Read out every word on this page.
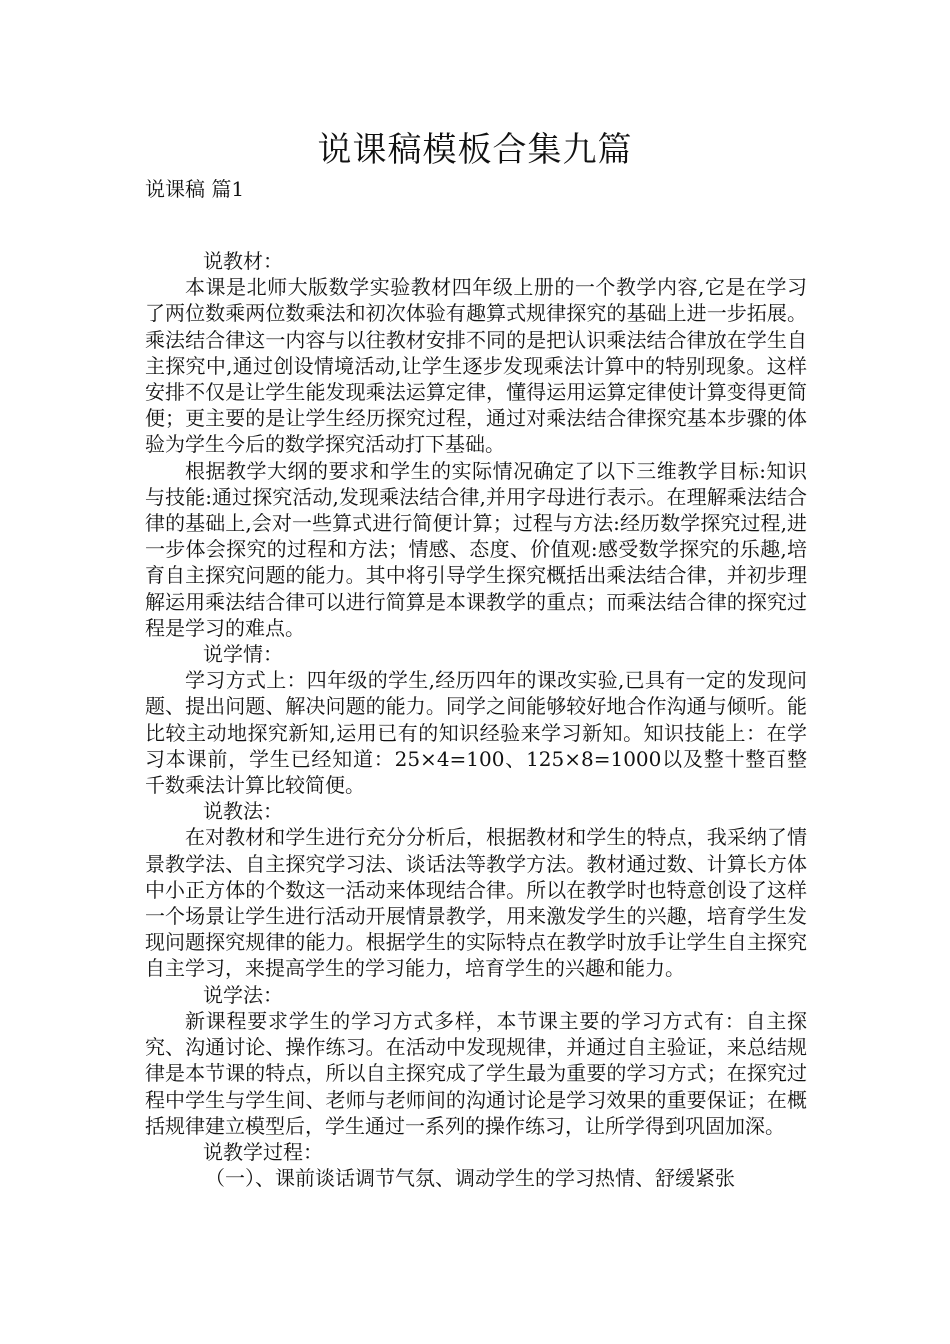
说课稿模板合集九篇
说课稿 篇1

说教材：

本课是北师大版数学实验教材四年级上册的一个教学内容,它是在学习了两位数乘两位数乘法和初次体验有趣算式规律探究的基础上进一步拓展。乘法结合律这一内容与以往教材安排不同的是把认识乘法结合律放在学生自主探究中,通过创设情境活动,让学生逐步发现乘法计算中的特别现象。这样安排不仅是让学生能发现乘法运算定律，懂得运用运算定律使计算变得更简便；更主要的是让学生经历探究过程，通过对乘法结合律探究基本步骤的体验为学生今后的数学探究活动打下基础。

根据教学大纲的要求和学生的实际情况确定了以下三维教学目标:知识与技能:通过探究活动,发现乘法结合律,并用字母进行表示。在理解乘法结合律的基础上,会对一些算式进行简便计算；过程与方法:经历数学探究过程,进一步体会探究的过程和方法；情感、态度、价值观:感受数学探究的乐趣,培育自主探究问题的能力。其中将引导学生探究概括出乘法结合律，并初步理解运用乘法结合律可以进行简算是本课教学的重点；而乘法结合律的探究过程是学习的难点。

说学情：

学习方式上：四年级的学生,经历四年的课改实验,已具有一定的发现问题、提出问题、解决问题的能力。同学之间能够较好地合作沟通与倾听。能比较主动地探究新知,运用已有的知识经验来学习新知。知识技能上：在学习本课前，学生已经知道：25×4=100、125×8=1000以及整十整百整千数乘法计算比较简便。

说教法：

在对教材和学生进行充分分析后，根据教材和学生的特点，我采纳了情景教学法、自主探究学习法、谈话法等教学方法。教材通过数、计算长方体中小正方体的个数这一活动来体现结合律。所以在教学时也特意创设了这样一个场景让学生进行活动开展情景教学，用来激发学生的兴趣，培育学生发现问题探究规律的能力。根据学生的实际特点在教学时放手让学生自主探究自主学习，来提高学生的学习能力，培育学生的兴趣和能力。

说学法：

新课程要求学生的学习方式多样，本节课主要的学习方式有：自主探究、沟通讨论、操作练习。在活动中发现规律，并通过自主验证，来总结规律是本节课的特点，所以自主探究成了学生最为重要的学习方式；在探究过程中学生与学生间、老师与老师间的沟通讨论是学习效果的重要保证；在概括规律建立模型后，学生通过一系列的操作练习，让所学得到巩固加深。

说教学过程：

（一）、课前谈话调节气氛、调动学生的学习热情、舒缓紧张
